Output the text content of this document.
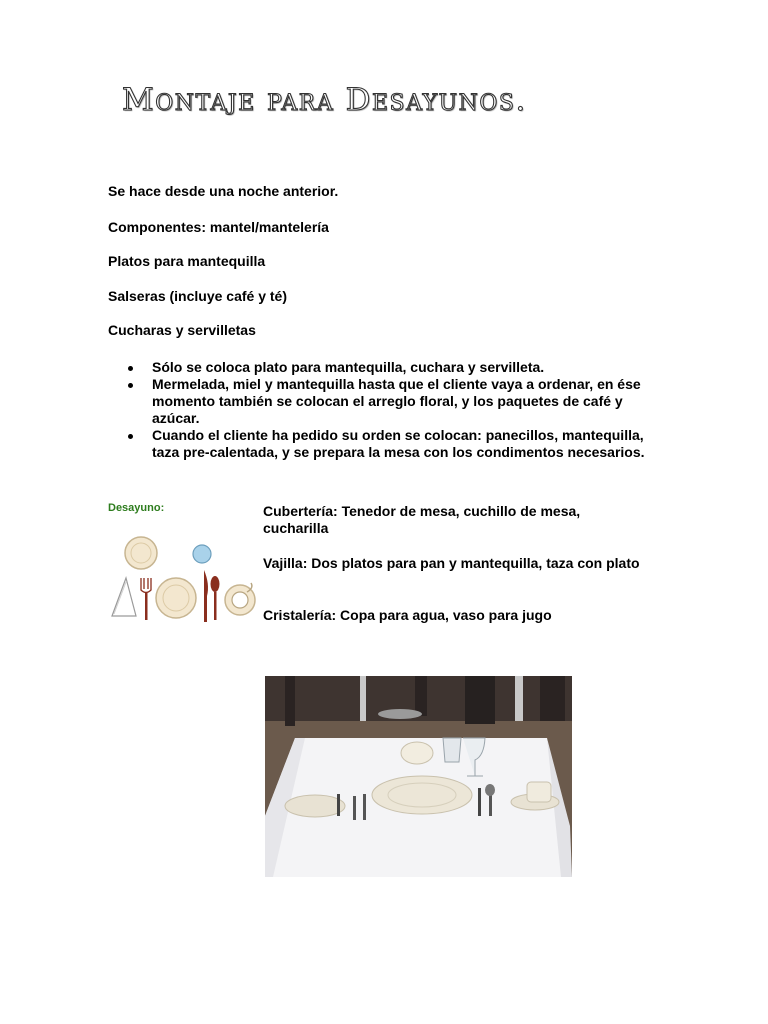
Montaje para Desayunos.

Se hace desde una noche anterior.

Componentes: mantel/mantelería

Platos para mantequilla

Salseras (incluye café y té)

Cucharas y servilletas

Sólo se coloca plato para mantequilla, cuchara y servilleta.
Mermelada, miel y mantequilla hasta que el cliente vaya a ordenar, en ése momento también se colocan el arreglo floral, y los paquetes de café y azúcar.
Cuando el cliente ha pedido su orden se colocan: panecillos, mantequilla, taza pre-calentada, y se prepara la mesa con los condimentos necesarios.

Desayuno:	Cubertería: Tenedor de mesa, cuchillo de mesa, cucharilla

Vajilla: Dos platos para pan y mantequilla, taza con plato

Cristalería: Copa para agua, vaso para jugo
